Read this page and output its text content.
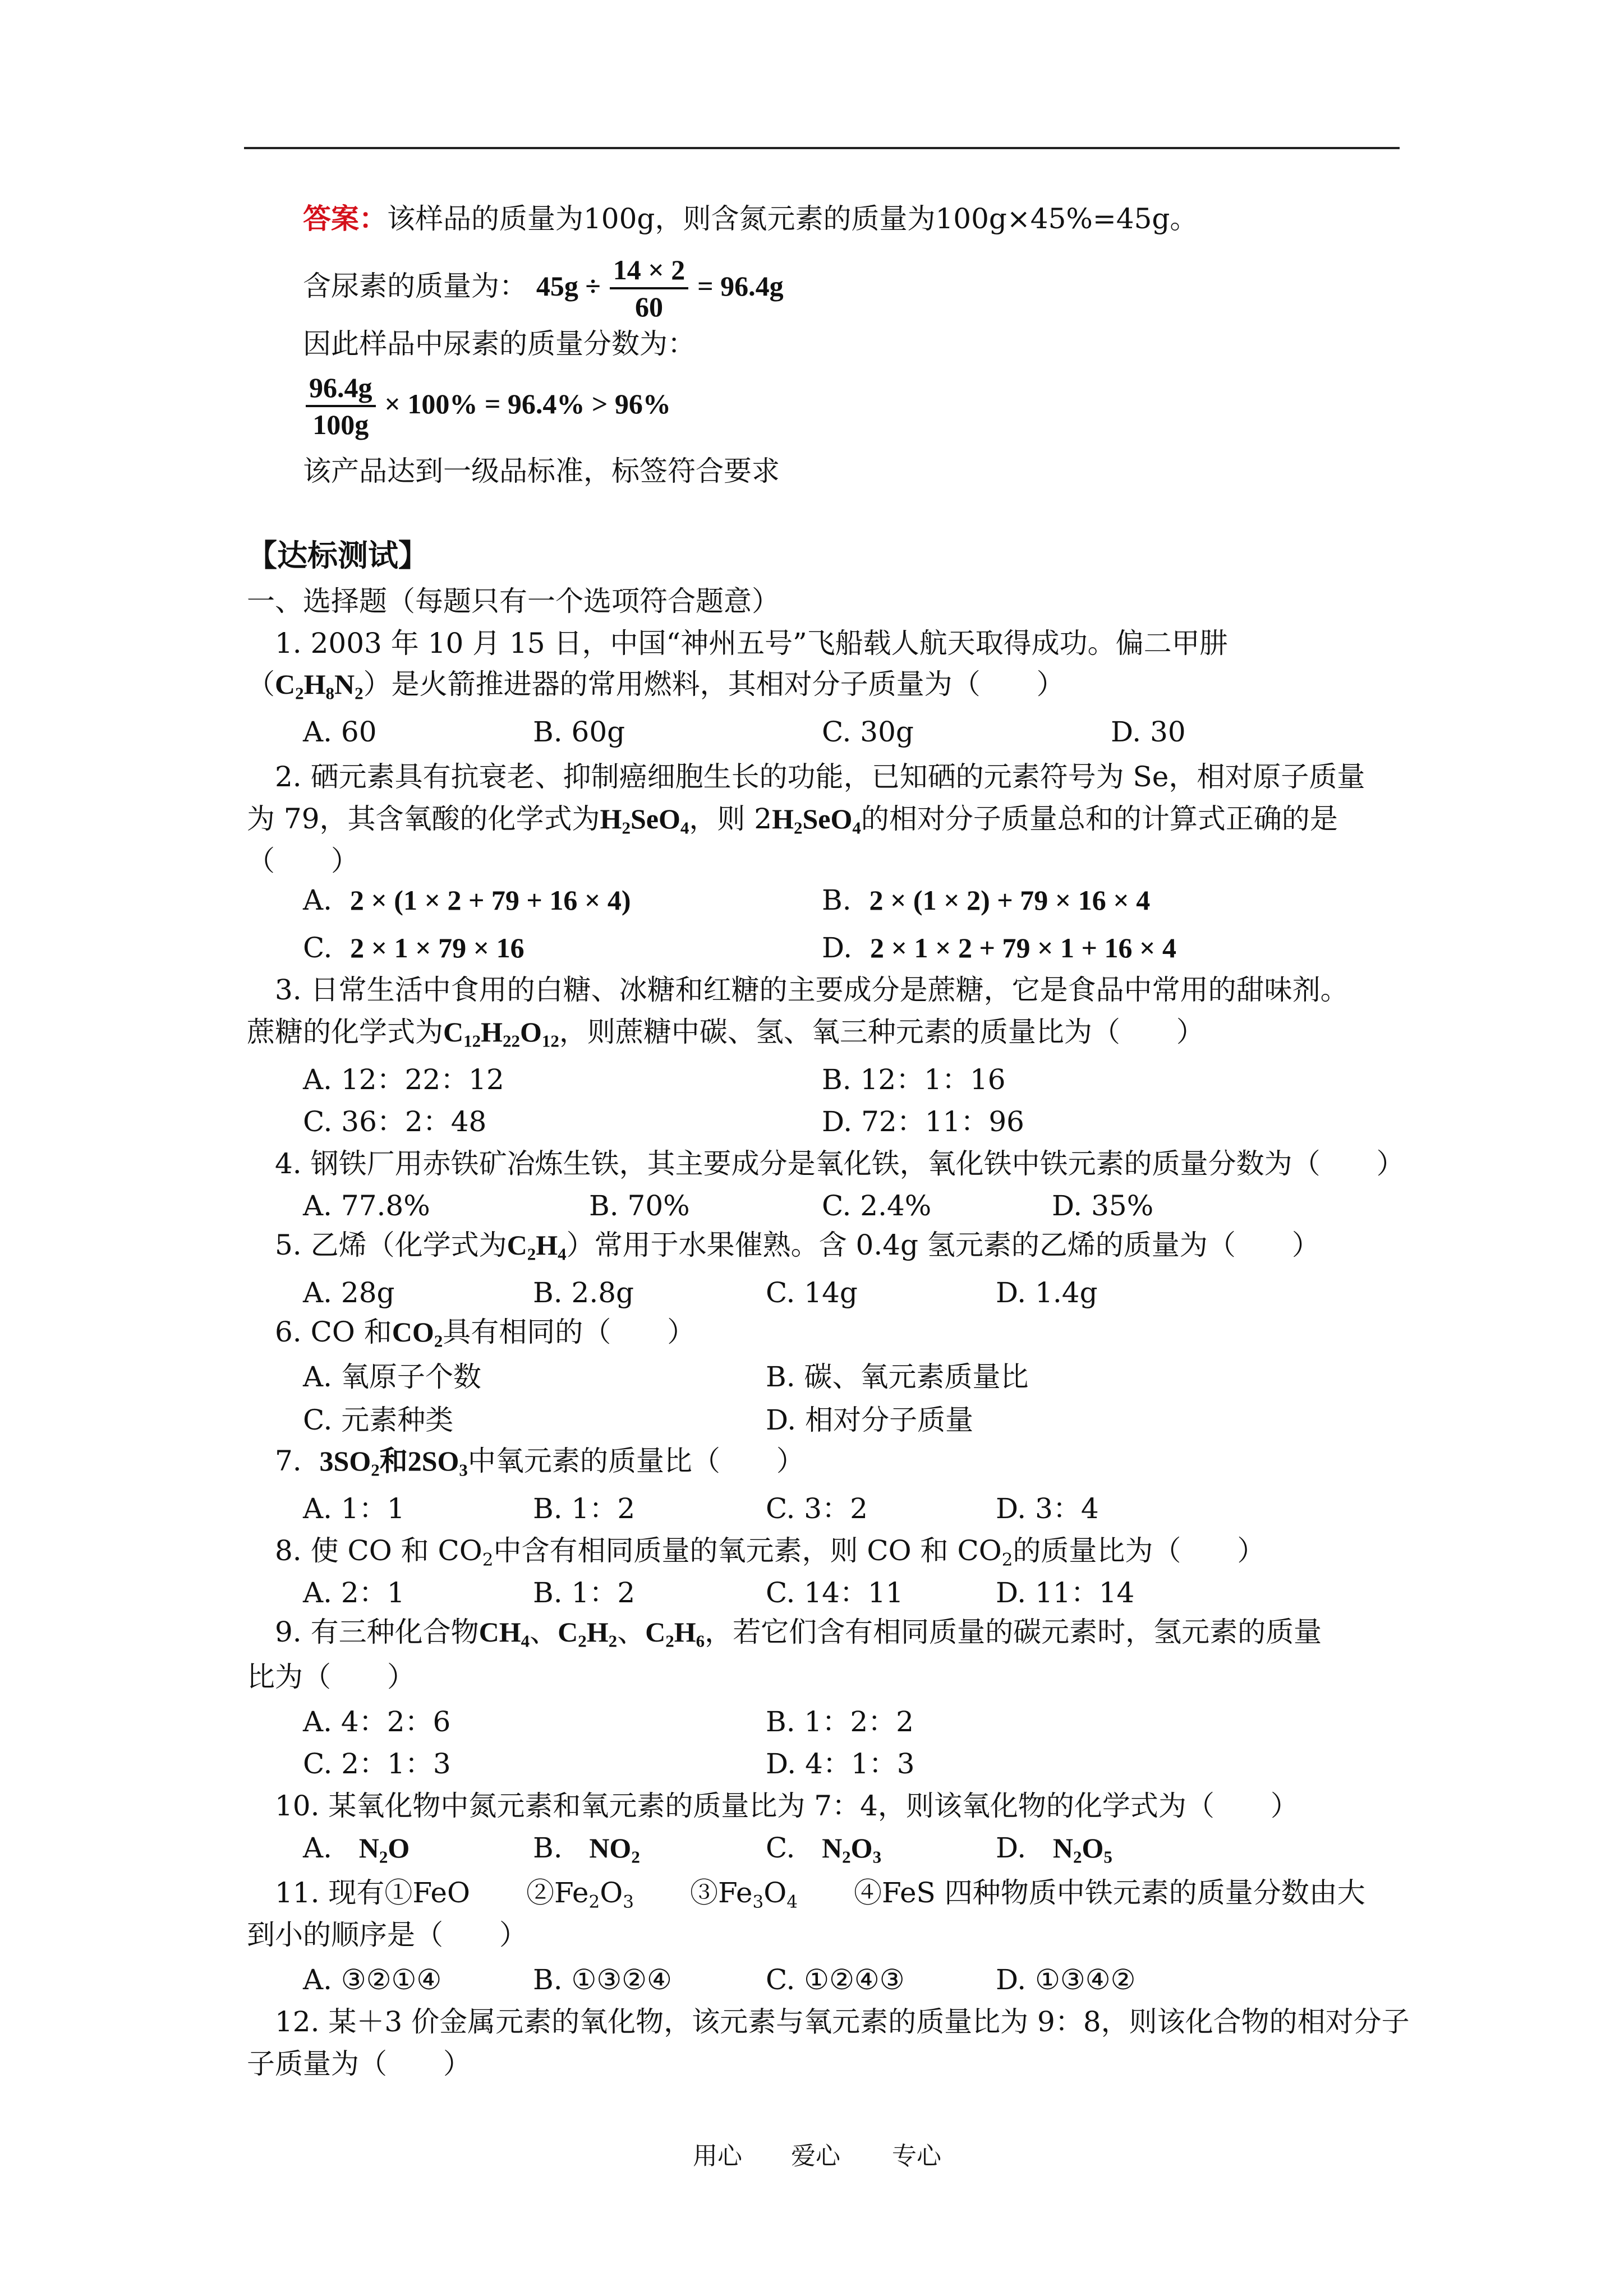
答案：该样品的质量为100g，则含氮元素的质量为100g×45%=45g。
含尿素的质量为： $45g \div \frac{14 \times 2}{60} = 96.4g$
因此样品中尿素的质量分数为：
$\frac{96.4g}{100g} \times 100\% = 96.4\% > 96\%$
该产品达到一级品标准，标签符合要求
【达标测试】
一、选择题（每题只有一个选项符合题意）
1. 2003 年 10 月 15 日，中国“神州五号”飞船载人航天取得成功。偏二甲肼
$(C_2H_8N_2)$是火箭推进器的常用燃料，其相对分子质量为（　　）
A. 60	B. 60g	C. 30g	D. 30
2. 硒元素具有抗衰老、抑制癌细胞生长的功能，已知硒的元素符号为 Se，相对原子质量
为 79，其含氧酸的化学式为$H_2SeO_4$，则 $2H_2SeO_4$的相对分子质量总和的计算式正确的是
（　　）
A. 2 × (1 × 2 + 79 + 16 × 4)	B. 2 × (1 × 2) + 79 × 16 × 4
C. 2 × 1 × 79 × 16	D. 2 × 1 × 2 + 79 × 1 + 16 × 4
3. 日常生活中食用的白糖、冰糖和红糖的主要成分是蔗糖，它是食品中常用的甜味剂。
蔗糖的化学式为$C_{12}H_{22}O_{12}$，则蔗糖中碳、氢、氧三种元素的质量比为（　　）
A. 12：22：12	B. 12：1：16
C. 36：2：48	D. 72：11：96
4. 钢铁厂用赤铁矿冶炼生铁，其主要成分是氧化铁，氧化铁中铁元素的质量分数为（　　）
A. 77.8%	B. 70%	C. 2.4%	D. 35%
5. 乙烯（化学式为$C_2H_4$）常用于水果催熟。含 0.4g 氢元素的乙烯的质量为（　　）
A. 28g	B. 2.8g	C. 14g	D. 1.4g
6. CO 和$CO_2$具有相同的（　　）
A. 氧原子个数	B. 碳、氧元素质量比
C. 元素种类	D. 相对分子质量
7. $3SO_2$和$2SO_3$中氧元素的质量比（　　）
A. 1：1	B. 1：2	C. 3：2	D. 3：4
8. 使 CO 和 $CO_2$中含有相同质量的氧元素，则 CO 和 $CO_2$的质量比为（　　）
A. 2：1	B. 1：2	C. 14：11	D. 11：14
9. 有三种化合物$CH_4$、$C_2H_2$、$C_2H_6$，若它们含有相同质量的碳元素时，氢元素的质量
比为（　　）
A. 4：2：6	B. 1：2：2
C. 2：1：3	D. 4：1：3
10. 某氧化物中氮元素和氧元素的质量比为 7：4，则该氧化物的化学式为（　　）
A. $N_2O$	B. $NO_2$	C. $N_2O_3$	D. $N_2O_5$
11. 现有①FeO　　$②Fe_2O_3$　　$③Fe_3O_4$　　④FeS 四种物质中铁元素的质量分数由大
到小的顺序是（　　）
A. ③②①④	B. ①③②④	C. ①②④③	D. ①③④②
12. 某＋3 价金属元素的氧化物，该元素与氧元素的质量比为 9：8，则该化合物的相对分子
子质量为（　　）
用心 爱心 专心
